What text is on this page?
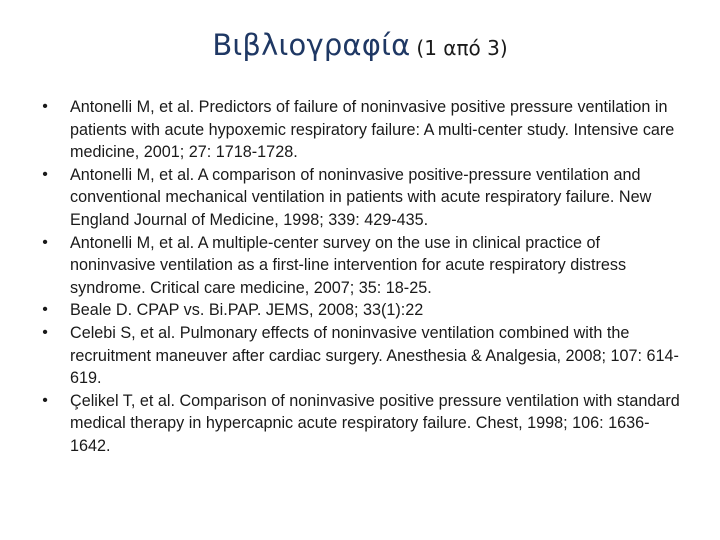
Βιβλιογραφία (1 από 3)
•	Antonelli M, et al. Predictors of failure of noninvasive positive pressure ventilation in patients with acute hypoxemic respiratory failure: A multi-center study. Intensive care medicine, 2001; 27: 1718-1728.
•	Antonelli M, et al. A comparison of noninvasive positive-pressure ventilation and conventional mechanical ventilation in patients with acute respiratory failure. New England Journal of Medicine, 1998; 339: 429-435.
•	Antonelli M, et al. A multiple-center survey on the use in clinical practice of noninvasive ventilation as a first-line intervention for acute respiratory distress syndrome. Critical care medicine, 2007; 35: 18-25.
•	Beale D. CPAP vs. Bi.PAP. JEMS, 2008; 33(1):22
•	Celebi S, et al. Pulmonary effects of noninvasive ventilation combined with the recruitment maneuver after cardiac surgery. Anesthesia & Analgesia, 2008; 107: 614-619.
•	Çelikel T, et al. Comparison of noninvasive positive pressure ventilation with standard medical therapy in hypercapnic acute respiratory failure. Chest, 1998; 106: 1636-1642.
